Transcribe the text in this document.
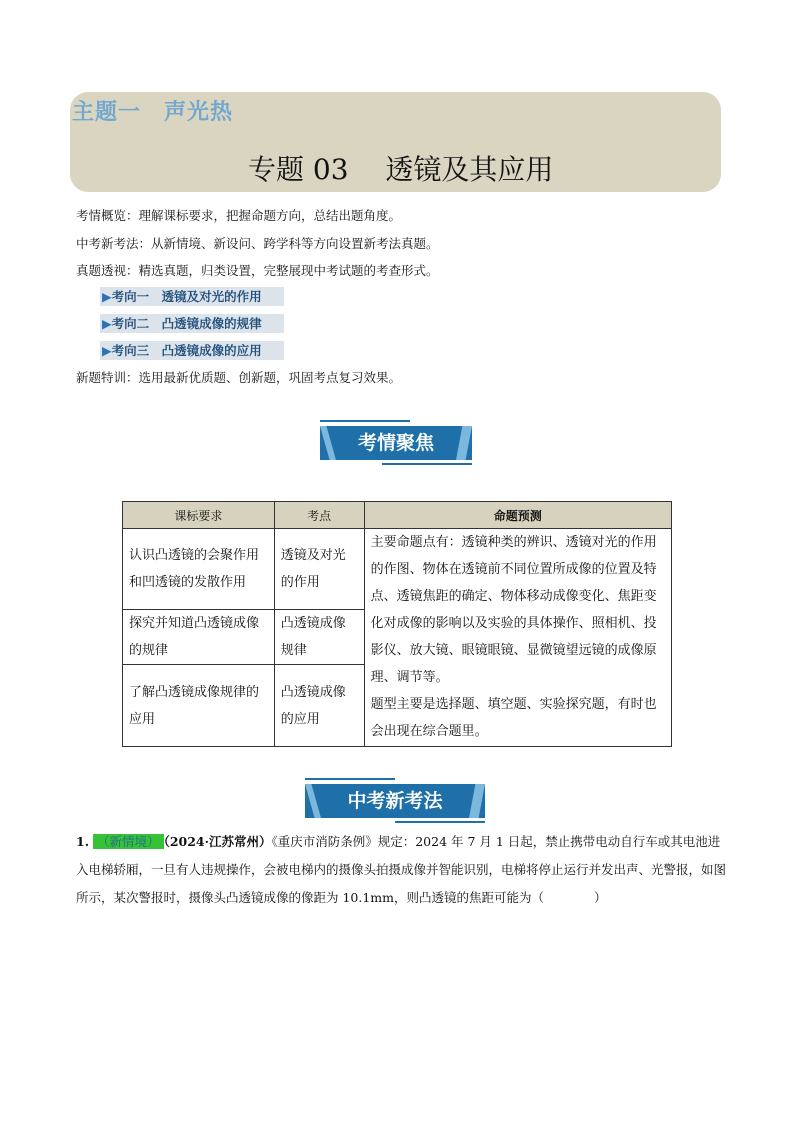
主题一　声光热
专题 03　 透镜及其应用
考情概览：理解课标要求，把握命题方向，总结出题角度。
中考新考法：从新情境、新设问、跨学科等方向设置新考法真题。
真题透视：精选真题，归类设置，完整展现中考试题的考查形式。
▶考向一　透镜及对光的作用
▶考向二　凸透镜成像的规律
▶考向三　凸透镜成像的应用
新题特训：选用最新优质题、创新题，巩固考点复习效果。
考情聚焦
课标要求	考点	命题预测
认识凸透镜的会聚作用和凹透镜的发散作用	透镜及对光的作用	主要命题点有：透镜种类的辨识、透镜对光的作用的作图、物体在透镜前不同位置所成像的位置及特点、透镜焦距的确定、物体移动成像变化、焦距变化对成像的影响以及实验的具体操作、照相机、投影仪、放大镜、眼镜眼镜、显微镜望远镜的成像原理、调节等。
题型主要是选择题、填空题、实验探究题，有时也会出现在综合题里。

探究并知道凸透镜成像的规律	凸透镜成像规律	
了解凸透镜成像规律的应用	凸透镜成像的应用	
中考新考法
1. （新情境） （2024·江苏常州）《重庆市消防条例》规定：2024 年 7 月 1 日起，禁止携带电动自行车或其电池进入电梯轿厢，一旦有人违规操作，会被电梯内的摄像头拍摄成像并智能识别，电梯将停止运行并发出声、光警报，如图所示，某次警报时，摄像头凸透镜成像的像距为 10.1mm，则凸透镜的焦距可能为（　　　　）
